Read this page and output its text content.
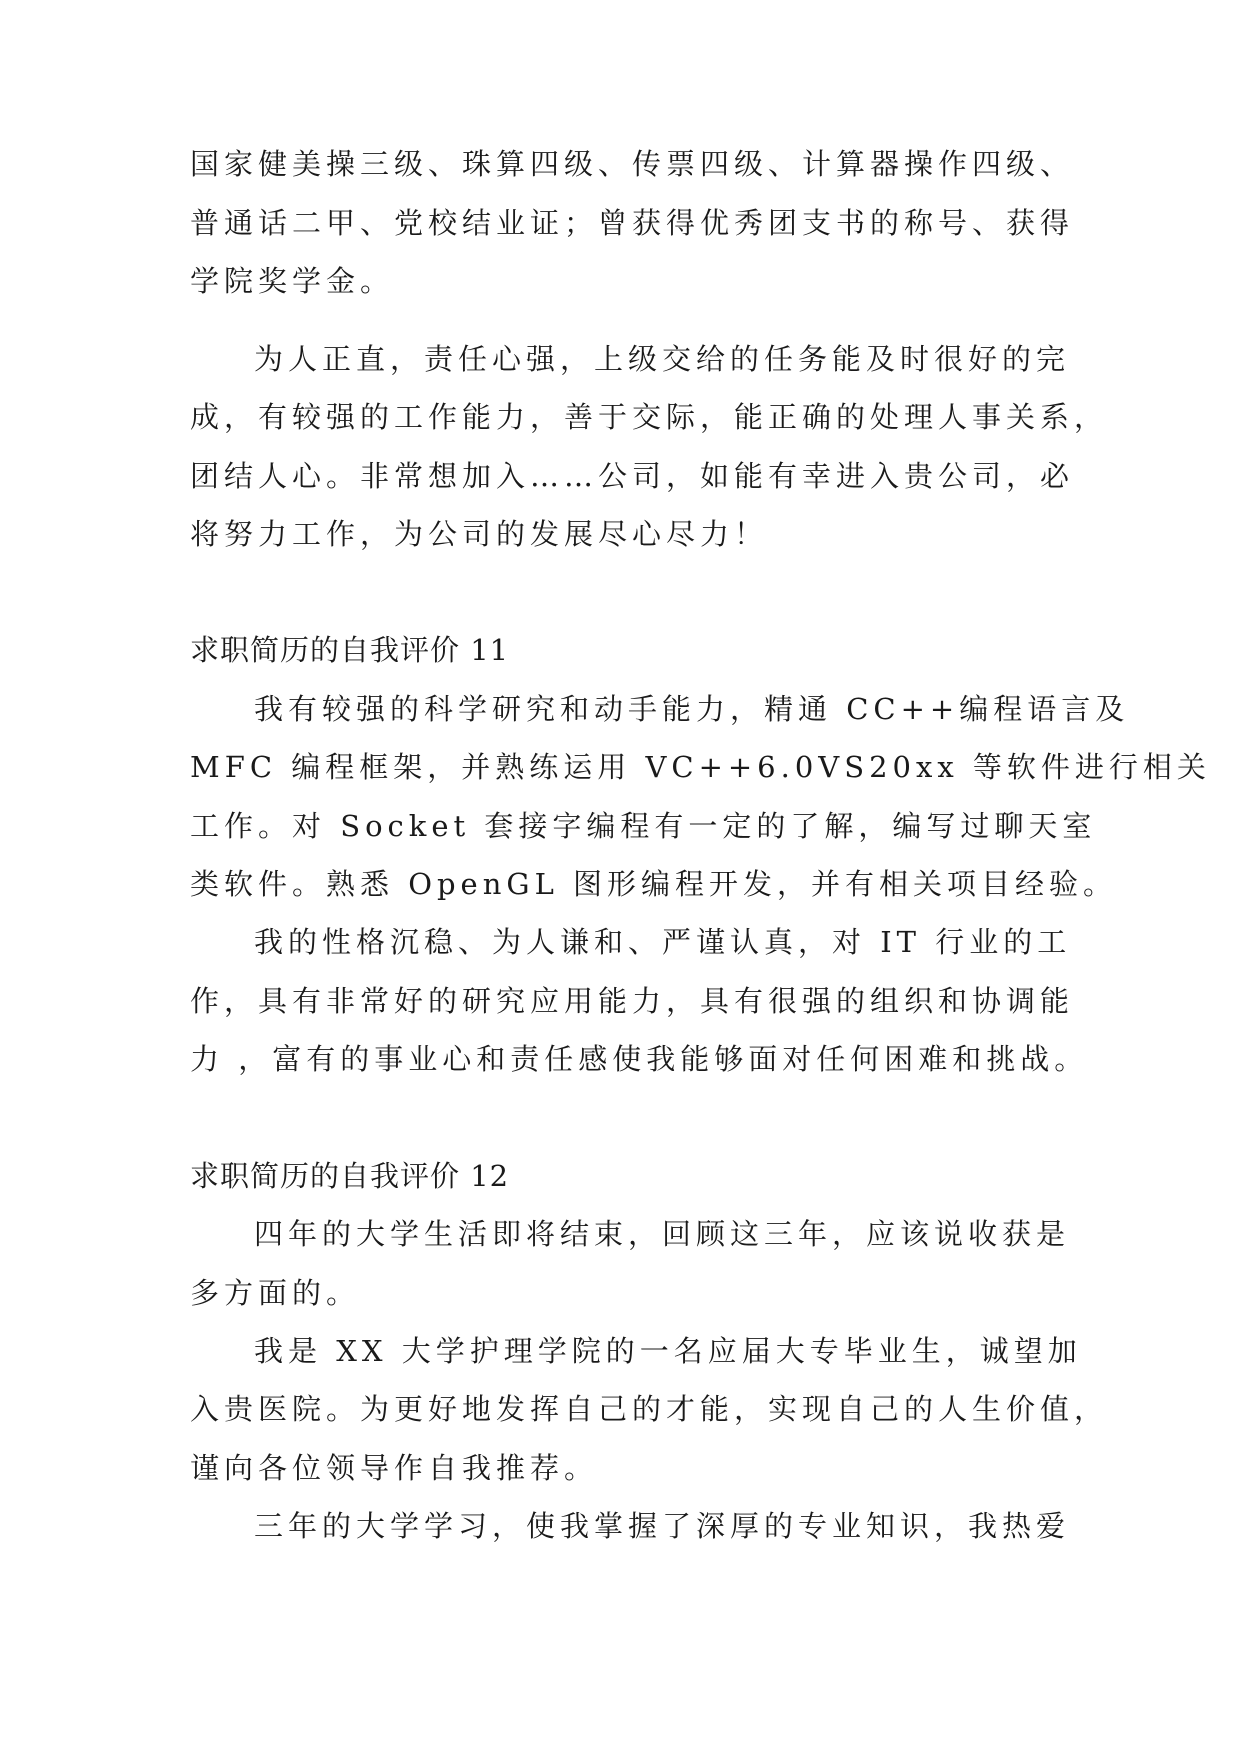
国家健美操三级、珠算四级、传票四级、计算器操作四级、
普通话二甲、党校结业证；曾获得优秀团支书的称号、获得
学院奖学金。
为人正直，责任心强，上级交给的任务能及时很好的完
成，有较强的工作能力，善于交际，能正确的处理人事关系，
团结人心。非常想加入……公司，如能有幸进入贵公司，必
将努力工作，为公司的发展尽心尽力！
求职简历的自我评价 11
我有较强的科学研究和动手能力，精通 CC++编程语言及
MFC 编程框架，并熟练运用 VC++6.0VS20xx 等软件进行相关
工作。对 Socket 套接字编程有一定的了解，编写过聊天室
类软件。熟悉 OpenGL 图形编程开发，并有相关项目经验。
我的性格沉稳、为人谦和、严谨认真，对 IT 行业的工
作，具有非常好的研究应用能力，具有很强的组织和协调能
力 ，富有的事业心和责任感使我能够面对任何困难和挑战。
求职简历的自我评价 12
四年的大学生活即将结束，回顾这三年，应该说收获是
多方面的。
我是 XX 大学护理学院的一名应届大专毕业生，诚望加
入贵医院。为更好地发挥自己的才能，实现自己的人生价值，
谨向各位领导作自我推荐。
三年的大学学习，使我掌握了深厚的专业知识，我热爱
